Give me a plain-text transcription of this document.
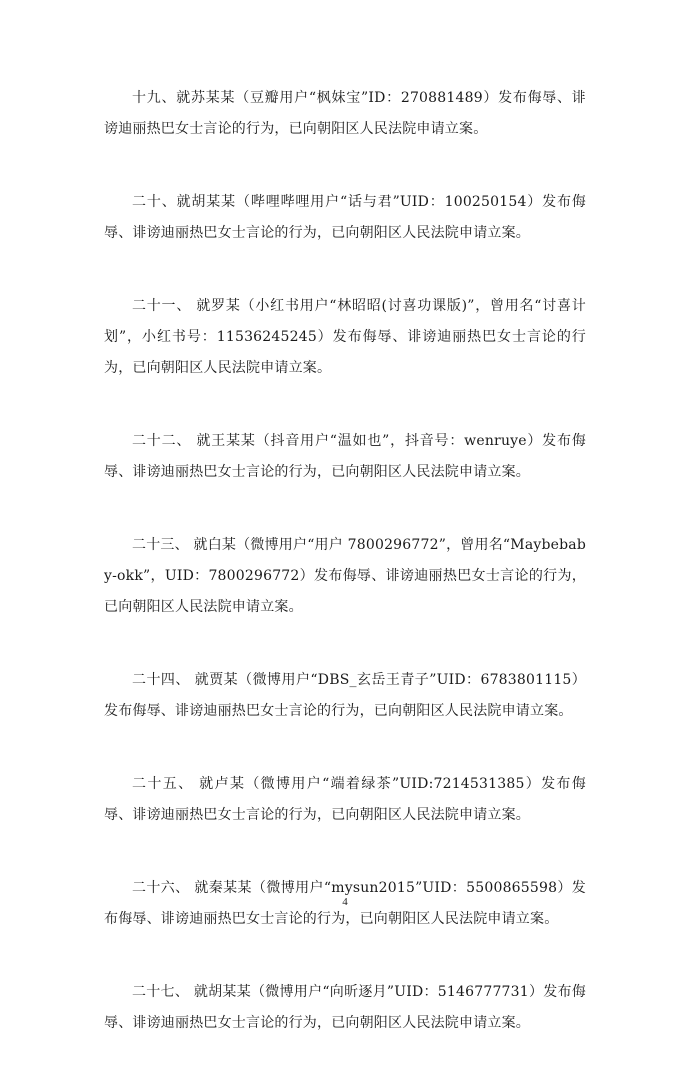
十九、就苏某某（豆瓣用户“枫妹宝”ID：270881489）发布侮辱、诽谤迪丽热巴女士言论的行为，已向朝阳区人民法院申请立案。

二十、就胡某某（哔哩哔哩用户“话与君”UID：100250154）发布侮辱、诽谤迪丽热巴女士言论的行为，已向朝阳区人民法院申请立案。

二十一、 就罗某（小红书用户“林昭昭(讨喜功课版)”，曾用名“讨喜计划”，小红书号：11536245245）发布侮辱、诽谤迪丽热巴女士言论的行为，已向朝阳区人民法院申请立案。

二十二、 就王某某（抖音用户“温如也”，抖音号：wenruye）发布侮辱、诽谤迪丽热巴女士言论的行为，已向朝阳区人民法院申请立案。

二十三、 就白某（微博用户“用户 7800296772”，曾用名“Maybebaby-okk”，UID：7800296772）发布侮辱、诽谤迪丽热巴女士言论的行为，已向朝阳区人民法院申请立案。

二十四、 就贾某（微博用户“DBS_玄岳王青子”UID：6783801115）发布侮辱、诽谤迪丽热巴女士言论的行为，已向朝阳区人民法院申请立案。

二十五、 就卢某（微博用户“端着绿茶”UID:7214531385）发布侮辱、诽谤迪丽热巴女士言论的行为，已向朝阳区人民法院申请立案。

二十六、 就秦某某（微博用户“mysun2015”UID：5500865598）发布侮辱、诽谤迪丽热巴女士言论的行为，已向朝阳区人民法院申请立案。

二十七、 就胡某某（微博用户“向昕逐月”UID：5146777731）发布侮辱、诽谤迪丽热巴女士言论的行为，已向朝阳区人民法院申请立案。

4
